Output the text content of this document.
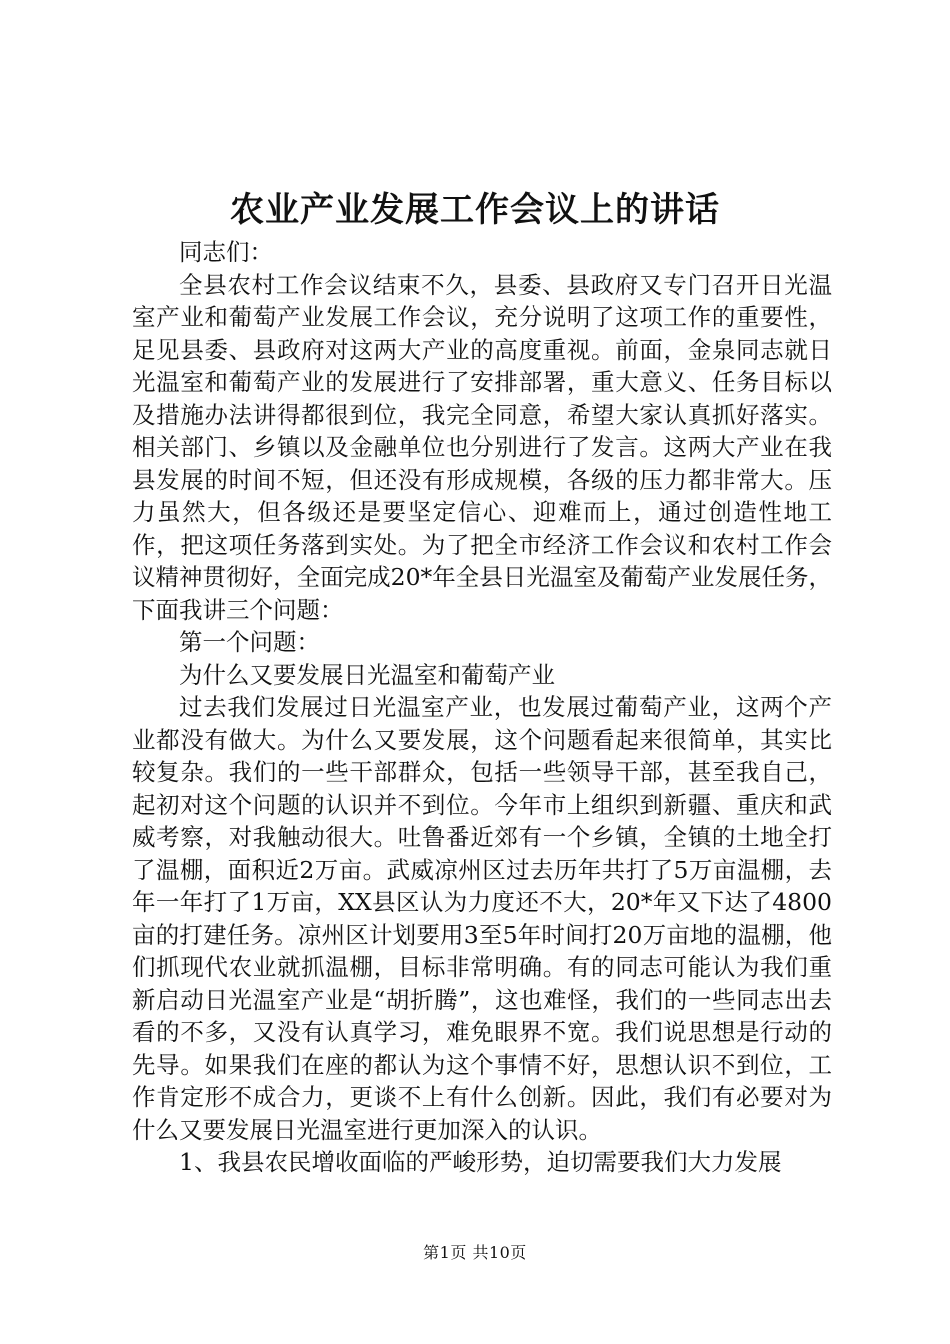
农业产业发展工作会议上的讲话

同志们：

全县农村工作会议结束不久，县委、县政府又专门召开日光温室产业和葡萄产业发展工作会议，充分说明了这项工作的重要性，足见县委、县政府对这两大产业的高度重视。前面，金泉同志就日光温室和葡萄产业的发展进行了安排部署，重大意义、任务目标以及措施办法讲得都很到位，我完全同意，希望大家认真抓好落实。相关部门、乡镇以及金融单位也分别进行了发言。这两大产业在我县发展的时间不短，但还没有形成规模，各级的压力都非常大。压力虽然大，但各级还是要坚定信心、迎难而上，通过创造性地工作，把这项任务落到实处。为了把全市经济工作会议和农村工作会议精神贯彻好，全面完成20*年全县日光温室及葡萄产业发展任务，下面我讲三个问题：

第一个问题：

为什么又要发展日光温室和葡萄产业

过去我们发展过日光温室产业，也发展过葡萄产业，这两个产业都没有做大。为什么又要发展，这个问题看起来很简单，其实比较复杂。我们的一些干部群众，包括一些领导干部，甚至我自己，起初对这个问题的认识并不到位。今年市上组织到新疆、重庆和武威考察，对我触动很大。吐鲁番近郊有一个乡镇，全镇的土地全打了温棚，面积近2万亩。武威凉州区过去历年共打了5万亩温棚，去年一年打了1万亩，XX县区认为力度还不大，20*年又下达了4800亩的打建任务。凉州区计划要用3至5年时间打20万亩地的温棚，他们抓现代农业就抓温棚，目标非常明确。有的同志可能认为我们重新启动日光温室产业是“胡折腾”，这也难怪，我们的一些同志出去看的不多，又没有认真学习，难免眼界不宽。我们说思想是行动的先导。如果我们在座的都认为这个事情不好，思想认识不到位，工作肯定形不成合力，更谈不上有什么创新。因此，我们有必要对为什么又要发展日光温室进行更加深入的认识。

1、我县农民增收面临的严峻形势，迫切需要我们大力发展

第1页 共10页
